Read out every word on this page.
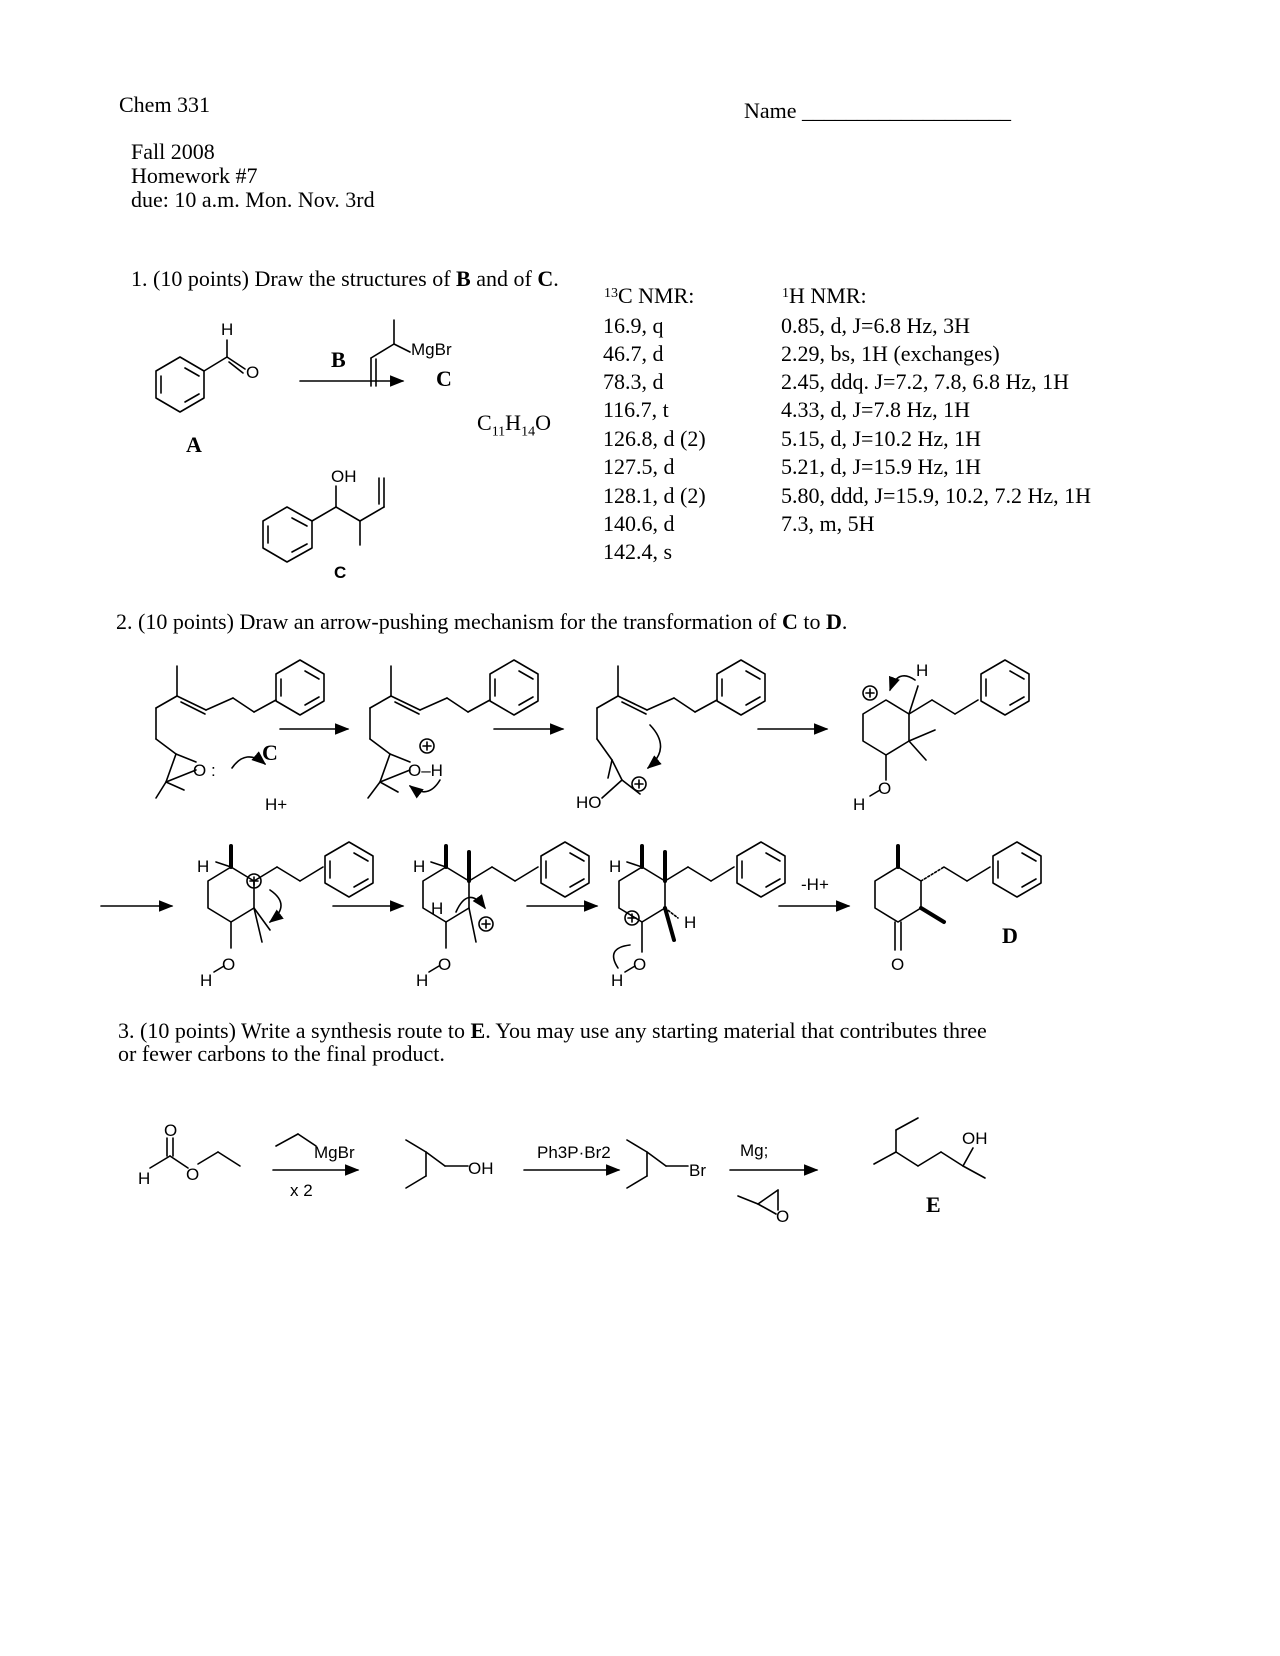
Chem 331	Name ___________________
Fall 2008
Homework #7
due: 10 a.m. Mon. Nov. 3rd
1. (10 points) Draw the structures of B and of C.
$^{13}$C NMR:
16.9, q
46.7, d
78.3, d
116.7, t
126.8, d (2)
127.5, d
128.1, d (2)
140.6, d
142.4, s
$^1$H NMR:
0.85, d, J=6.8 Hz, 3H
2.29, bs, 1H (exchanges)
2.45, ddq. J=7.2, 7.8, 6.8 Hz, 1H
4.33, d, J=7.8 Hz, 1H
5.15, d, J=10.2 Hz, 1H
5.21, d, J=15.9 Hz, 1H
5.80, ddd, J=15.9, 10.2, 7.2 Hz, 1H
7.3, m, 5H
$C_{11}H_{14}O$
2. (10 points) Draw an arrow-pushing mechanism for the transformation of C to D.
3. (10 points) Write a synthesis route to E. You may use any starting material that contributes three
or fewer carbons to the final product.
H
O
A
B
C
MgBr
OH
C
O :
C
H+
O–H
HO
H
H
O
H
H
O
H
H
H
O
H
H
H
O
-H+
O
D
O
H O
MgBr
x 2
OH
Ph3P·Br2
Br
Mg;
O
OH
E
